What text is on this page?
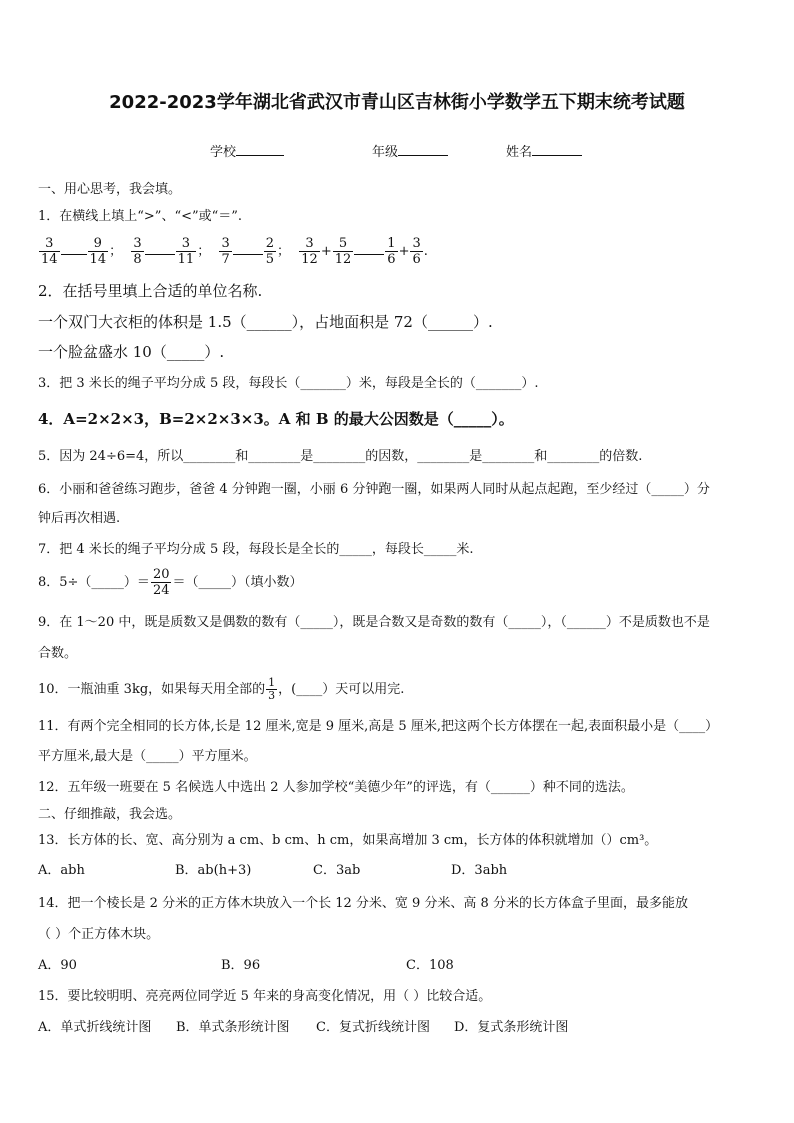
2022-2023学年湖北省武汉市青山区吉林街小学数学五下期末统考试题
学校	年级	姓名
一、用心思考，我会填。
1．在横线上填上“>”、“<”或“＝”.
$\frac{3}{14} \frac{9}{14}$ ； $\frac{3}{8} \frac{3}{11}$ ； $\frac{3}{7} \frac{2}{5}$ ； $\frac{3}{12} + \frac{5}{12} \frac{1}{6} + \frac{3}{6}$ .
2．在括号里填上合适的单位名称.
一个双门大衣柜的体积是 1.5（______），占地面积是 72（______）.
一个脸盆盛水 10（_____）.
3．把 3 米长的绳子平均分成 5 段，每段长（_______）米，每段是全长的（_______）.
4．A=2×2×3，B=2×2×3×3。A 和 B 的最大公因数是（_____）。
5．因为 24÷6=4，所以________和________是________的因数，________是________和________的倍数.
6．小丽和爸爸练习跑步，爸爸 4 分钟跑一圈，小丽 6 分钟跑一圈，如果两人同时从起点起跑，至少经过（_____）分
钟后再次相遇.
7．把 4 米长的绳子平均分成 5 段，每段长是全长的_____，每段长_____米.
8．5÷（_____）＝ $\frac{20}{24}$ ＝（_____）（填小数）
9．在 1～20 中，既是质数又是偶数的数有（_____），既是合数又是奇数的数有（_____），（______）不是质数也不是
合数。
10．一瓶油重 3kg，如果每天用全部的 $\frac{1}{3}$ ，(____）天可以用完.
11．有两个完全相同的长方体,长是 12 厘米,宽是 9 厘米,高是 5 厘米,把这两个长方体摆在一起,表面积最小是（____）
平方厘米,最大是（_____）平方厘米。
12．五年级一班要在 5 名候选人中选出 2 人参加学校“美德少年”的评选，有（______）种不同的选法。
二、仔细推敲，我会选。
13．长方体的长、宽、高分别为 a cm、b cm、h cm，如果高增加 3 cm，长方体的体积就增加（）cm³。
A．abh	B．ab(h+3)	C．3ab	D．3abh
14．把一个棱长是 2 分米的正方体木块放入一个长 12 分米、宽 9 分米、高 8 分米的长方体盒子里面，最多能放
（ ）个正方体木块。
A．90	B．96	C．108
15．要比较明明、亮亮两位同学近 5 年来的身高变化情况，用（ ）比较合适。
A．单式折线统计图 B．单式条形统计图 C．复式折线统计图 D．复式条形统计图
